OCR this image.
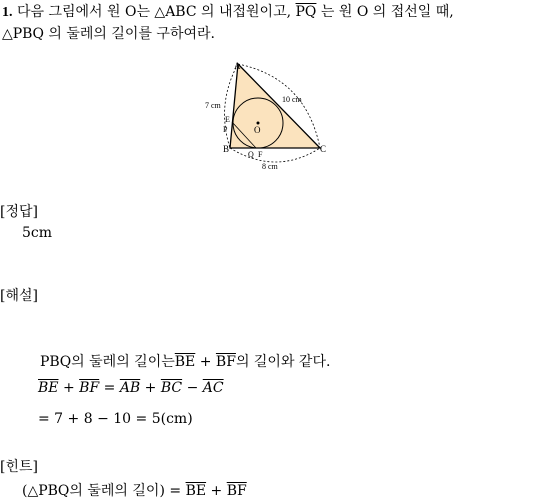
1. 다음 그림에서 원 O는 △ABC 의 내접원이고, $\overline{PQ}$ 는 원 O 의 접선일 때,
△PBQ 의 둘레의 길이를 구하여라.
A
B	C
O
E
P
Q F
7 cm
10 cm
8 cm
[정답]
5cm
[해설]
PBQ의 둘레의 길이는$\overline{BE} + \overline{BF}$의 길이와 같다.
$\overline{BE} + \overline{BF} = \overline{AB} + \overline{BC} - \overline{AC}$
= 7 + 8 − 10 = 5(cm)
[힌트]
(△PBQ의 둘레의 길이) = $\overline{BE} + \overline{BF}$
